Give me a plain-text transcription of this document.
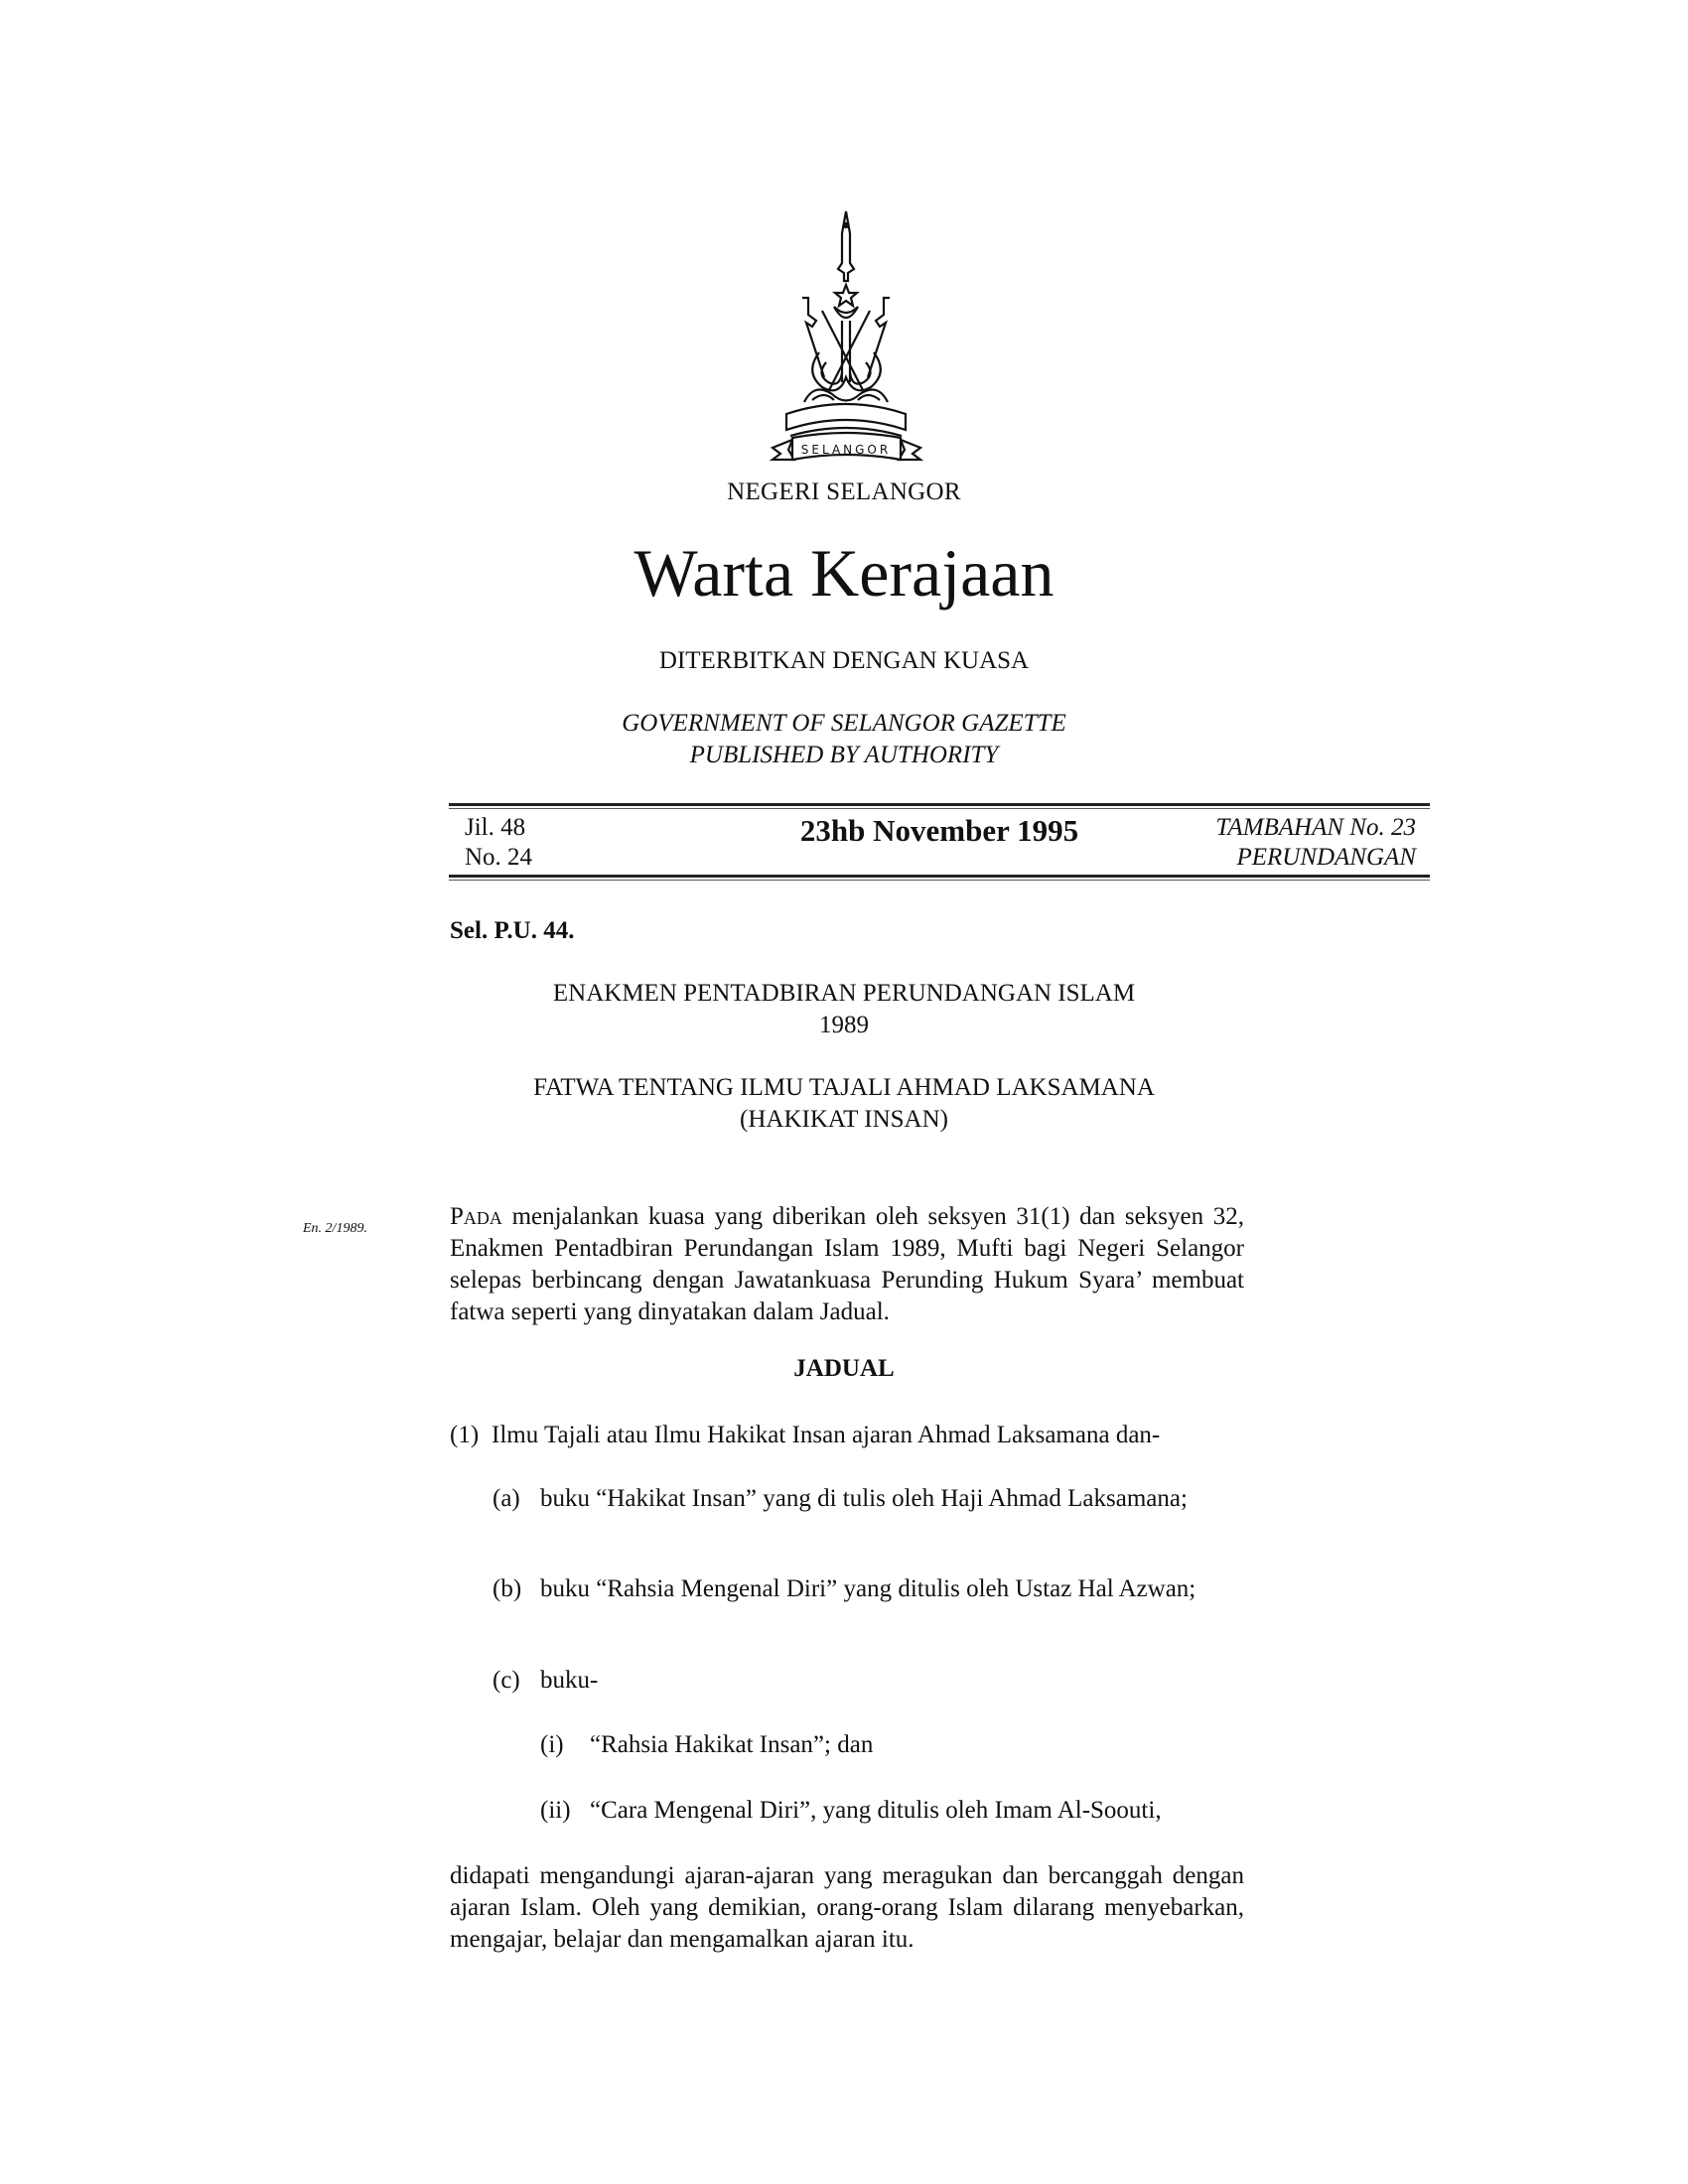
SELANGOR
NEGERI SELANGOR
Warta Kerajaan
DITERBITKAN DENGAN KUASA
GOVERNMENT OF SELANGOR GAZETTE
PUBLISHED BY AUTHORITY
Jil. 48
No. 24
23hb November 1995	TAMBAHAN No. 23
PERUNDANGAN
Sel. P.U. 44.
ENAKMEN PENTADBIRAN PERUNDANGAN ISLAM
1989
FATWA TENTANG ILMU TAJALI AHMAD LAKSAMANA
(HAKIKAT INSAN)
En. 2/1989.	Pada menjalankan kuasa yang diberikan oleh seksyen 31(1) dan seksyen 32, Enakmen Pentadbiran Perundangan Islam 1989, Mufti bagi Negeri Selangor selepas berbincang dengan Jawatankuasa Perunding Hukum Syara’ membuat fatwa seperti yang dinyatakan dalam Jadual.
JADUAL
(1) Ilmu Tajali atau Ilmu Hakikat Insan ajaran Ahmad Laksamana dan-
(a) buku “Hakikat Insan” yang di tulis oleh Haji Ahmad Laksamana;
(b) buku “Rahsia Mengenal Diri” yang ditulis oleh Ustaz Hal Azwan;
(c) buku-
(i) “Rahsia Hakikat Insan”; dan
(ii) “Cara Mengenal Diri”, yang ditulis oleh Imam Al-Soouti,
didapati mengandungi ajaran-ajaran yang meragukan dan bercanggah dengan ajaran Islam. Oleh yang demikian, orang-orang Islam dilarang menyebarkan, mengajar, belajar dan mengamalkan ajaran itu.
